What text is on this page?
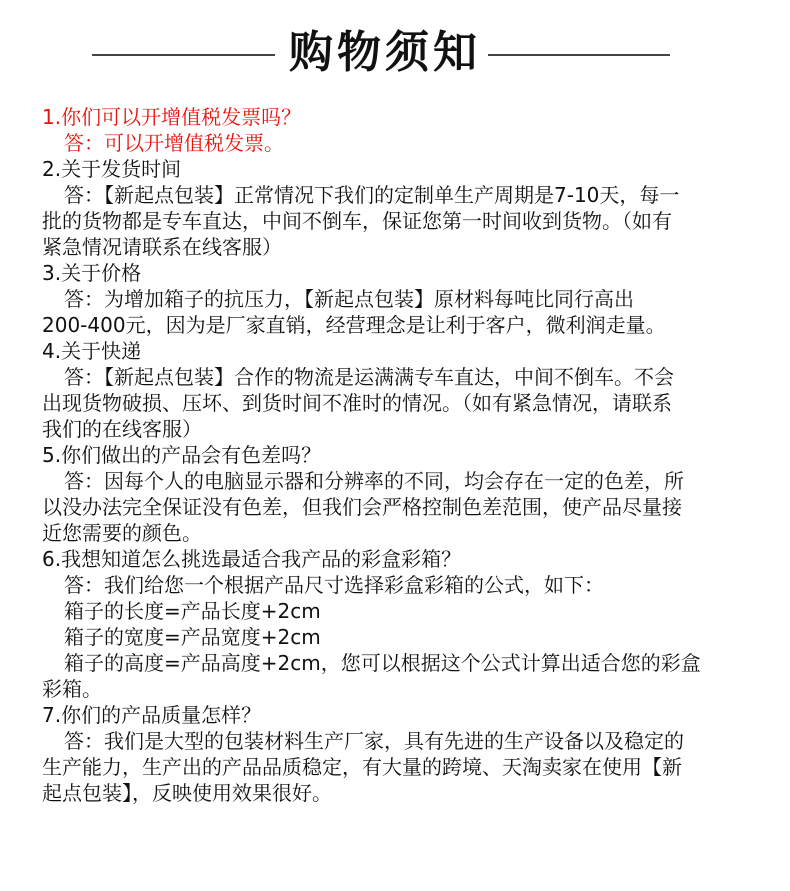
购物须知
1.你们可以开增值税发票吗？
答：可以开增值税发票。
2.关于发货时间
答：【新起点包装】正常情况下我们的定制单生产周期是7-10天，每一
批的货物都是专车直达，中间不倒车，保证您第一时间收到货物。（如有
紧急情况请联系在线客服）
3.关于价格
答：为增加箱子的抗压力，【新起点包装】原材料每吨比同行高出
200-400元，因为是厂家直销，经营理念是让利于客户，微利润走量。
4.关于快递
答：【新起点包装】合作的物流是运满满专车直达，中间不倒车。不会
出现货物破损、压坏、到货时间不准时的情况。（如有紧急情况，请联系
我们的在线客服）
5.你们做出的产品会有色差吗？
答：因每个人的电脑显示器和分辨率的不同，均会存在一定的色差，所
以没办法完全保证没有色差，但我们会严格控制色差范围，使产品尽量接
近您需要的颜色。
6.我想知道怎么挑选最适合我产品的彩盒彩箱？
答：我们给您一个根据产品尺寸选择彩盒彩箱的公式，如下：
箱子的长度=产品长度+2cm
箱子的宽度=产品宽度+2cm
箱子的高度=产品高度+2cm，您可以根据这个公式计算出适合您的彩盒
彩箱。
7.你们的产品质量怎样？
答：我们是大型的包装材料生产厂家，具有先进的生产设备以及稳定的
生产能力，生产出的产品品质稳定，有大量的跨境、天淘卖家在使用【新
起点包装】，反映使用效果很好。
